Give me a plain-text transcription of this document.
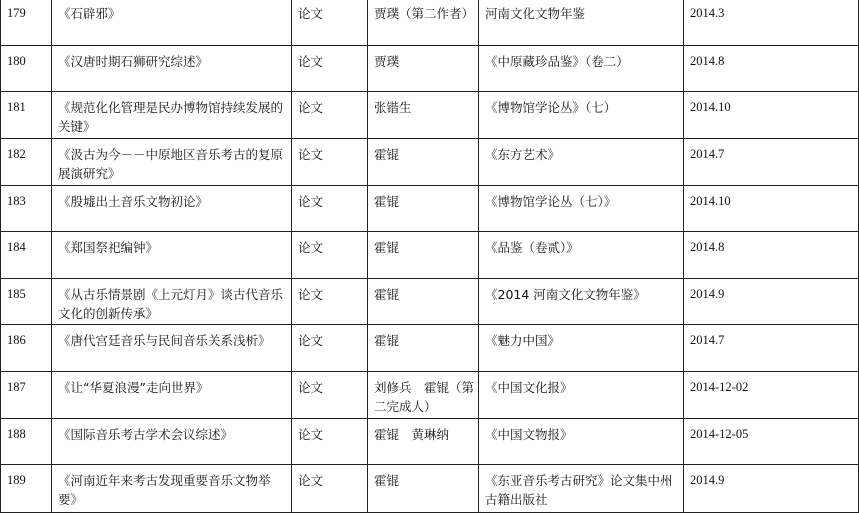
179	《石辟邪》	论文	贾璞（第二作者）	河南文化文物年鉴	2014.3
180	《汉唐时期石狮研究综述》	论文	贾璞	《中原藏珍品鉴》（卷二）	2014.8
181	《规范化化管理是民办博物馆持续发展的关键》	论文	张锴生	《博物馆学论丛》（七）	2014.10
182	《汲古为今－－中原地区音乐考古的复原展演研究》	论文	霍锟	《东方艺术》	2014.7
183	《殷墟出土音乐文物初论》	论文	霍锟	《博物馆学论丛（七）》	2014.10
184	《郑国祭祀编钟》	论文	霍锟	《品鉴（卷贰）》	2014.8
185	《从古乐情景剧《上元灯月》谈古代音乐文化的创新传承》	论文	霍锟	《2014 河南文化文物年鉴》	2014.9
186	《唐代宫廷音乐与民间音乐关系浅析》	论文	霍锟	《魅力中国》	2014.7
187	《让“华夏浪漫”走向世界》	论文	刘修兵　霍锟（第二完成人）	《中国文化报》	2014-12-02
188	《国际音乐考古学术会议综述》	论文	霍锟　黄琳纳	《中国文物报》	2014-12-05
189	《河南近年来考古发现重要音乐文物举要》	论文	霍锟	《东亚音乐考古研究》论文集中州古籍出版社	2014.9
